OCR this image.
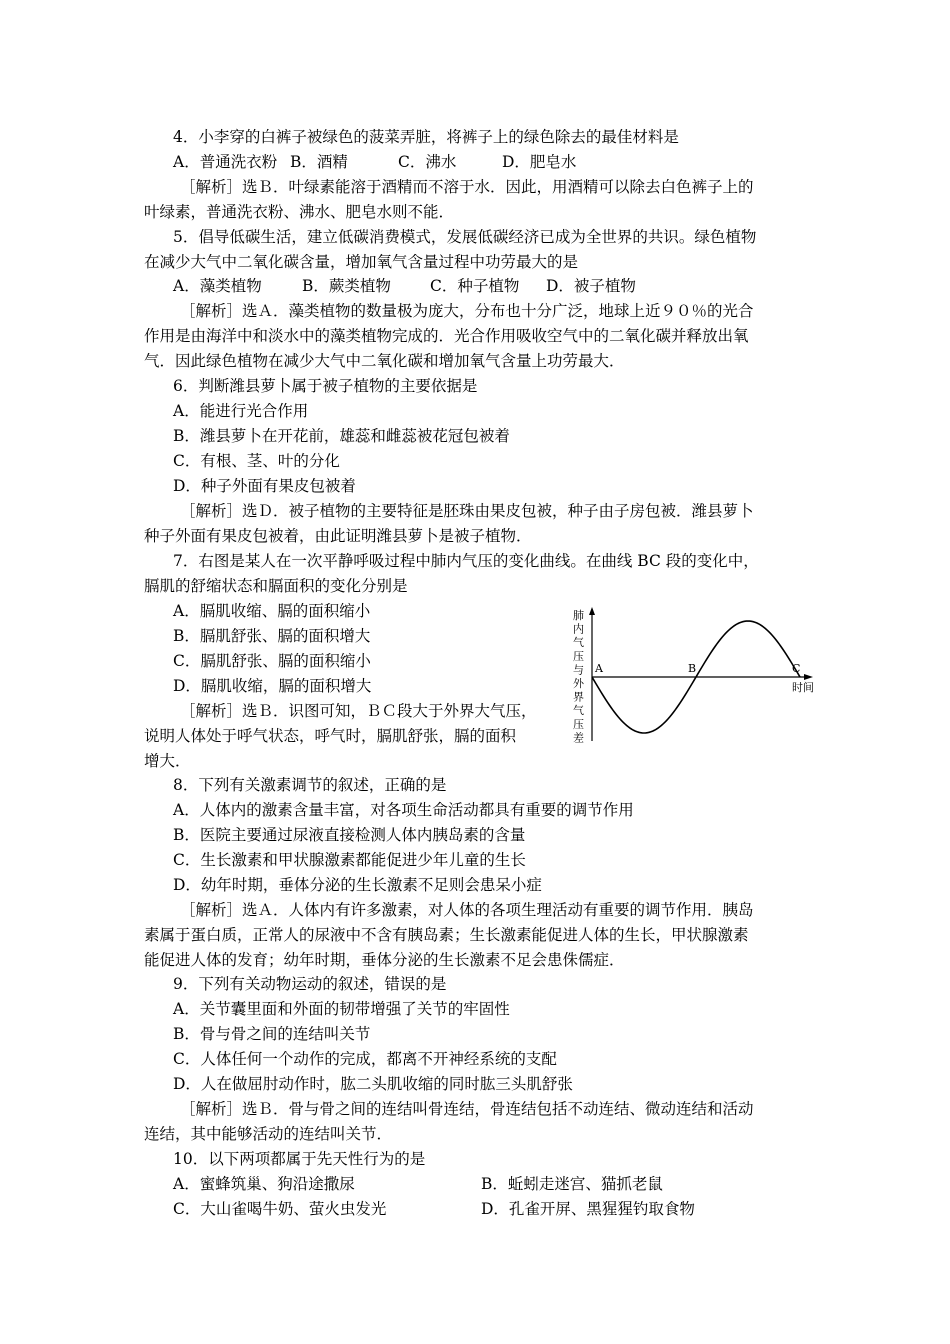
4．小李穿的白裤子被绿色的菠菜弄脏，将裤子上的绿色除去的最佳材料是
A．普通洗衣粉 B．酒精	C．沸水	D．肥皂水
［解析］选Ｂ．叶绿素能溶于酒精而不溶于水．因此，用酒精可以除去白色裤子上的
叶绿素，普通洗衣粉、沸水、肥皂水则不能．
5．倡导低碳生活，建立低碳消费模式，发展低碳经济已成为全世界的共识。绿色植物
在减少大气中二氧化碳含量，增加氧气含量过程中功劳最大的是
A．藻类植物	B．蕨类植物	C．种子植物 D．被子植物
［解析］选Ａ．藻类植物的数量极为庞大，分布也十分广泛，地球上近９０％的光合
作用是由海洋中和淡水中的藻类植物完成的．光合作用吸收空气中的二氧化碳并释放出氧
气．因此绿色植物在减少大气中二氧化碳和增加氧气含量上功劳最大．
6．判断潍县萝卜属于被子植物的主要依据是
A．能进行光合作用
B．潍县萝卜在开花前，雄蕊和雌蕊被花冠包被着
C．有根、茎、叶的分化
D．种子外面有果皮包被着
［解析］选Ｄ．被子植物的主要特征是胚珠由果皮包被，种子由子房包被．潍县萝卜
种子外面有果皮包被着，由此证明潍县萝卜是被子植物．
7．右图是某人在一次平静呼吸过程中肺内气压的变化曲线。在曲线 BC 段的变化中，
膈肌的舒缩状态和膈面积的变化分别是
A．膈肌收缩、膈的面积缩小
B．膈肌舒张、膈的面积增大
C．膈肌舒张、膈的面积缩小
D．膈肌收缩，膈的面积增大
［解析］选Ｂ．识图可知，ＢＣ段大于外界大气压，
说明人体处于呼气状态，呼气时，膈肌舒张，膈的面积
增大．
肺
内
气
压
与
外
界
气
压
差
A	B	C
时间
8．下列有关激素调节的叙述，正确的是
A．人体内的激素含量丰富，对各项生命活动都具有重要的调节作用
B．医院主要通过尿液直接检测人体内胰岛素的含量
C．生长激素和甲状腺激素都能促进少年儿童的生长
D．幼年时期，垂体分泌的生长激素不足则会患呆小症
［解析］选Ａ．人体内有许多激素，对人体的各项生理活动有重要的调节作用．胰岛
素属于蛋白质，正常人的尿液中不含有胰岛素；生长激素能促进人体的生长，甲状腺激素
能促进人体的发育；幼年时期，垂体分泌的生长激素不足会患侏儒症．
9．下列有关动物运动的叙述，错误的是
A．关节囊里面和外面的韧带增强了关节的牢固性
B．骨与骨之间的连结叫关节
C．人体任何一个动作的完成，都离不开神经系统的支配
D．人在做屈肘动作时，肱二头肌收缩的同时肱三头肌舒张
［解析］选Ｂ．骨与骨之间的连结叫骨连结，骨连结包括不动连结、微动连结和活动
连结，其中能够活动的连结叫关节．
10．以下两项都属于先天性行为的是
A．蜜蜂筑巢、狗沿途撒尿	B．蚯蚓走迷宫、猫抓老鼠
C．大山雀喝牛奶、萤火虫发光	D．孔雀开屏、黑猩猩钓取食物
